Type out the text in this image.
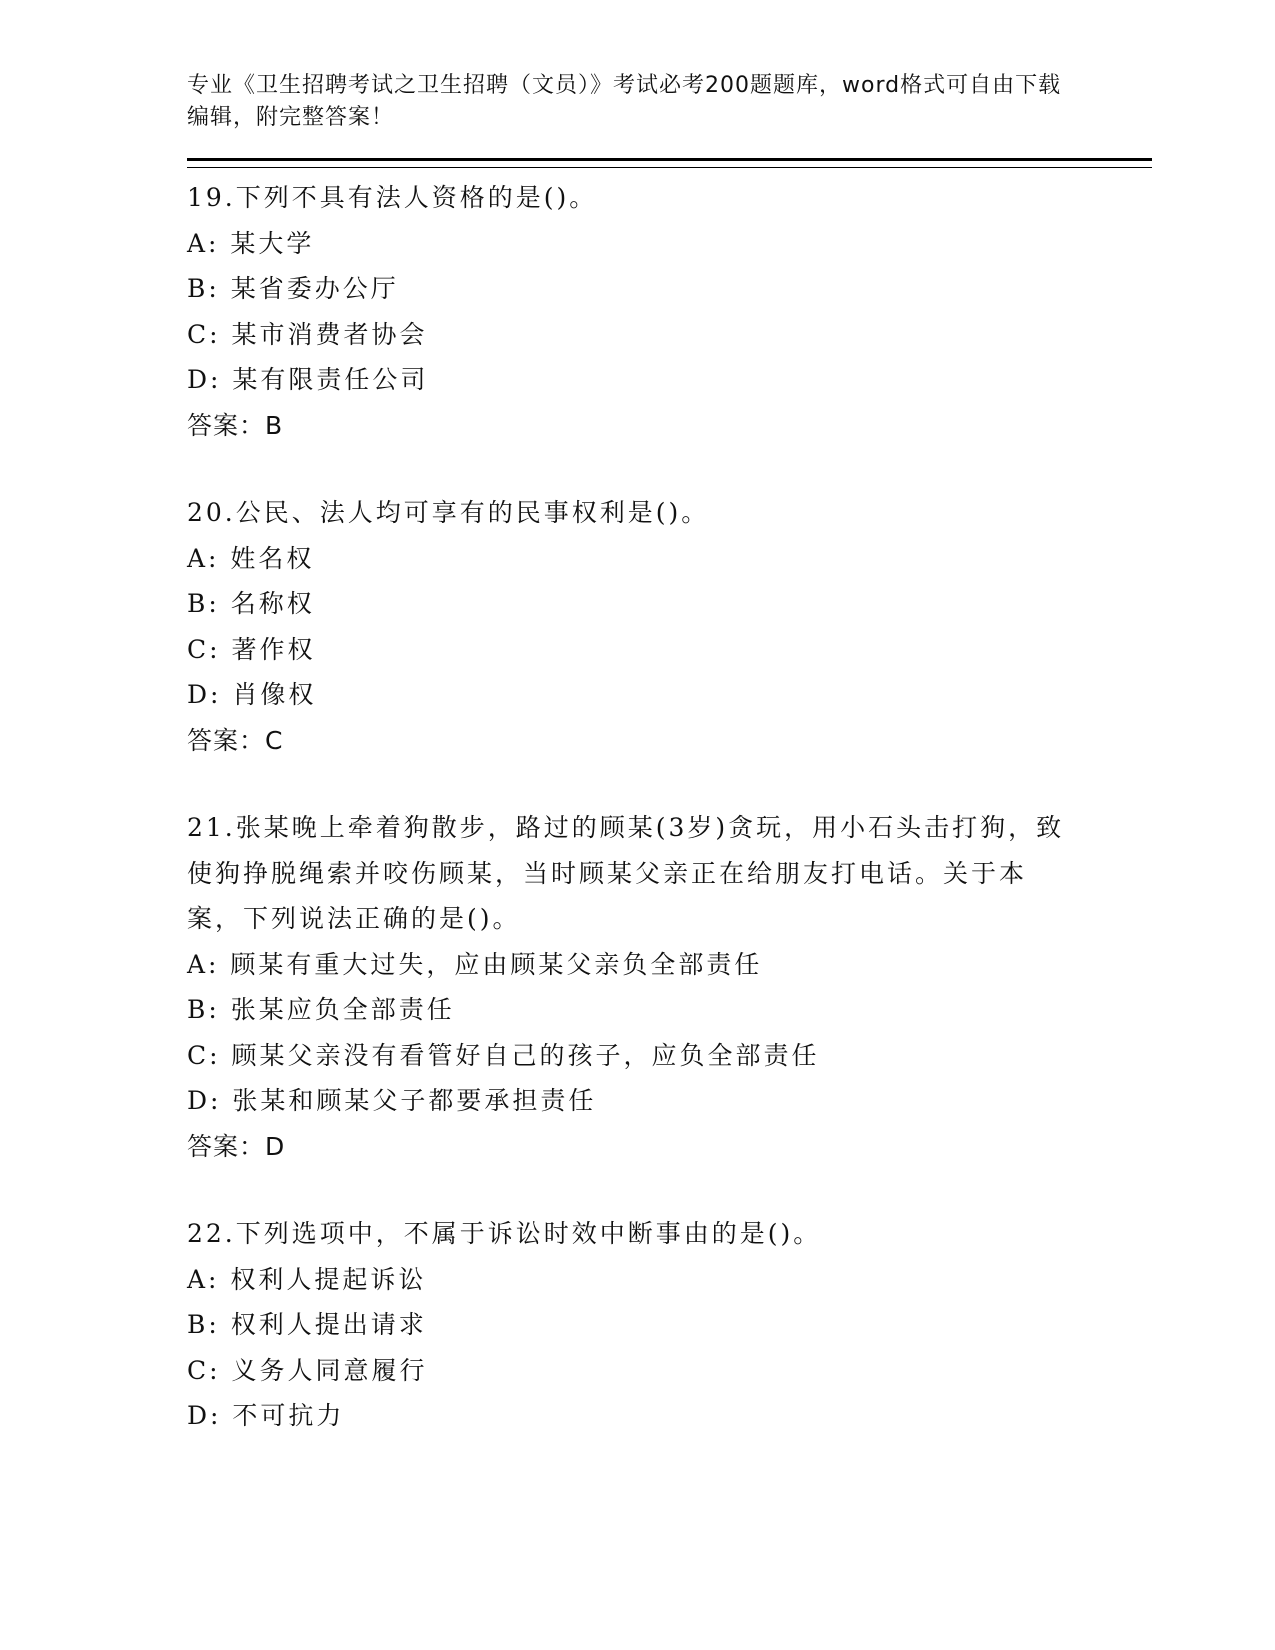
专业《卫生招聘考试之卫生招聘（文员）》考试必考200题题库，word格式可自由下载编辑，附完整答案！

19.下列不具有法人资格的是()。

A: 某大学

B: 某省委办公厅

C: 某市消费者协会

D: 某有限责任公司

答案：B

20.公民、法人均可享有的民事权利是()。

A: 姓名权

B: 名称权

C: 著作权

D: 肖像权

答案：C

21.张某晚上牵着狗散步，路过的顾某(3岁)贪玩，用小石头击打狗，致使狗挣脱绳索并咬伤顾某，当时顾某父亲正在给朋友打电话。关于本案，下列说法正确的是()。

A: 顾某有重大过失，应由顾某父亲负全部责任

B: 张某应负全部责任

C: 顾某父亲没有看管好自己的孩子，应负全部责任

D: 张某和顾某父子都要承担责任

答案：D

22.下列选项中，不属于诉讼时效中断事由的是()。

A: 权利人提起诉讼

B: 权利人提出请求

C: 义务人同意履行

D: 不可抗力
